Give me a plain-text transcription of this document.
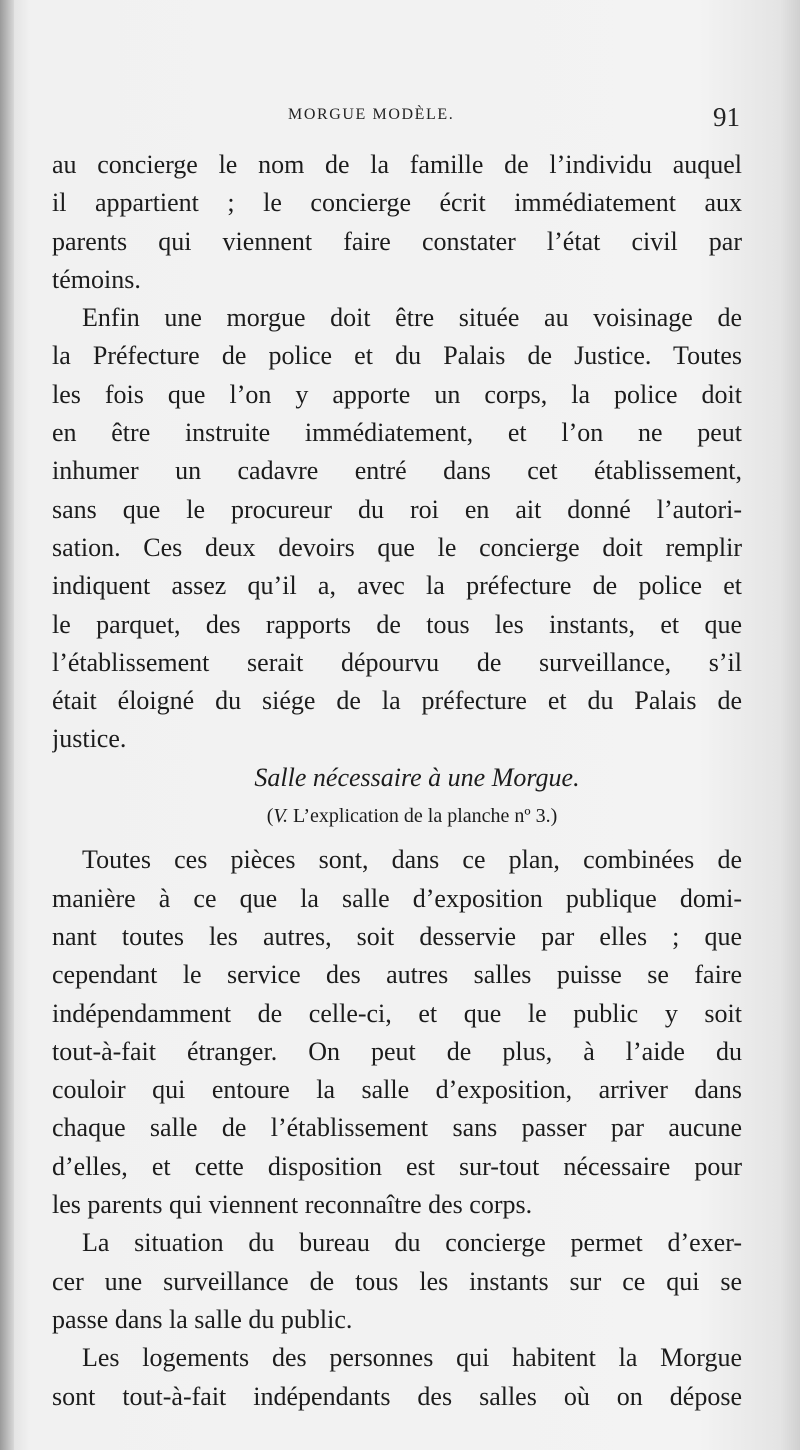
MORGUE MODÈLE.	91
au concierge le nom de la famille de l’individu auquel
il appartient ; le concierge écrit immédiatement aux
parents qui viennent faire constater l’état civil par
témoins.
Enfin une morgue doit être située au voisinage de
la Préfecture de police et du Palais de Justice. Toutes
les fois que l’on y apporte un corps, la police doit
en être instruite immédiatement, et l’on ne peut
inhumer un cadavre entré dans cet établissement,
sans que le procureur du roi en ait donné l’autori-
sation. Ces deux devoirs que le concierge doit remplir
indiquent assez qu’il a, avec la préfecture de police et
le parquet, des rapports de tous les instants, et que
l’établissement serait dépourvu de surveillance, s’il
était éloigné du siége de la préfecture et du Palais de
justice.
Salle nécessaire à une Morgue.
(V. L’explication de la planche nº 3.)
Toutes ces pièces sont, dans ce plan, combinées de
manière à ce que la salle d’exposition publique domi-
nant toutes les autres, soit desservie par elles ; que
cependant le service des autres salles puisse se faire
indépendamment de celle-ci, et que le public y soit
tout-à-fait étranger. On peut de plus, à l’aide du
couloir qui entoure la salle d’exposition, arriver dans
chaque salle de l’établissement sans passer par aucune
d’elles, et cette disposition est sur-tout nécessaire pour
les parents qui viennent reconnaître des corps.
La situation du bureau du concierge permet d’exer-
cer une surveillance de tous les instants sur ce qui se
passe dans la salle du public.
Les logements des personnes qui habitent la Morgue
sont tout-à-fait indépendants des salles où on dépose
